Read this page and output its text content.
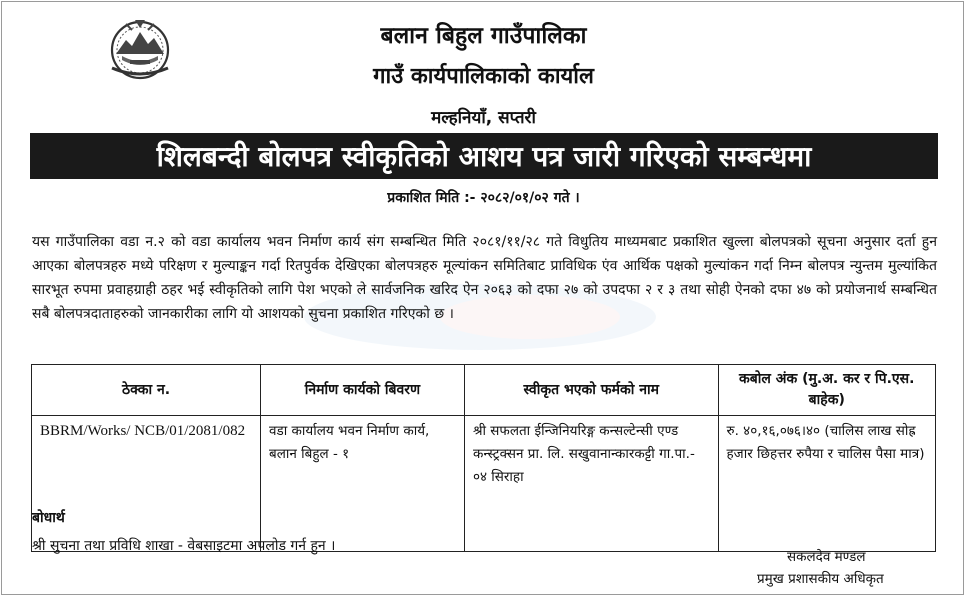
बलान बिहुल गाउँपालिका
गाउँ कार्यपालिकाको कार्याल
मल्हनियाँ, सप्तरी
शिलबन्दी बोलपत्र स्वीकृतिको आशय पत्र जारी गरिएको सम्बन्धमा
प्रकाशित मिति :- २०८२/०१/०२ गते ।

यस गाउँपालिका वडा न.२ को वडा कार्यालय भवन निर्माण कार्य संग सम्बन्धित मिति २०८१/११/२८ गते विधुतिय माध्यमबाट प्रकाशित खुल्ला बोलपत्रको सूचना अनुसार दर्ता हुन आएका बोलपत्रहरु मध्ये परिक्षण र मुल्याङ्कन गर्दा रितपुर्वक देखिएका बोलपत्रहरु मूल्यांकन समितिबाट प्राविधिक एंव आर्थिक पक्षको मुल्यांकन गर्दा निम्न बोलपत्र न्युन्तम मुल्यांकित सारभूत रुपमा प्रवाहग्राही ठहर भई स्वीकृतिको लागि पेश भएको ले सार्वजनिक खरिद ऐन २०६३ को दफा २७ को उपदफा २ र ३ तथा सोही ऐनको दफा ४७ को प्रयोजनार्थ सम्बन्धित सबै बोलपत्रदाताहरुको जानकारीका लागि यो आशयको सुचना प्रकाशित गरिएको छ ।

ठेक्का न.	निर्माण कार्यको बिवरण	स्वीकृत भएको फर्मको नाम	कबोल अंक (मु.अ. कर र पि.एस. बाहेक)
BBRM/Works/ NCB/01/2081/082	वडा कार्यालय भवन निर्माण कार्य, बलान बिहुल - १	श्री सफलता ईन्जिनियरिङ्ग कन्सल्टेन्सी एण्ड कन्स्ट्रक्सन प्रा. लि. सखुवानान्कारकट्टी गा.पा.- ०४ सिराहा	रु. ४०,१६,०७६।४० (चालिस लाख सोह्र हजार छिहत्तर रुपैया र चालिस पैसा मात्र)
बोधार्थ
श्री सुचना तथा प्रविधि शाखा - वेबसाइटमा अपलोड गर्न हुन ।
सकलदेव मण्डल
प्रमुख प्रशासकीय अधिकृत
